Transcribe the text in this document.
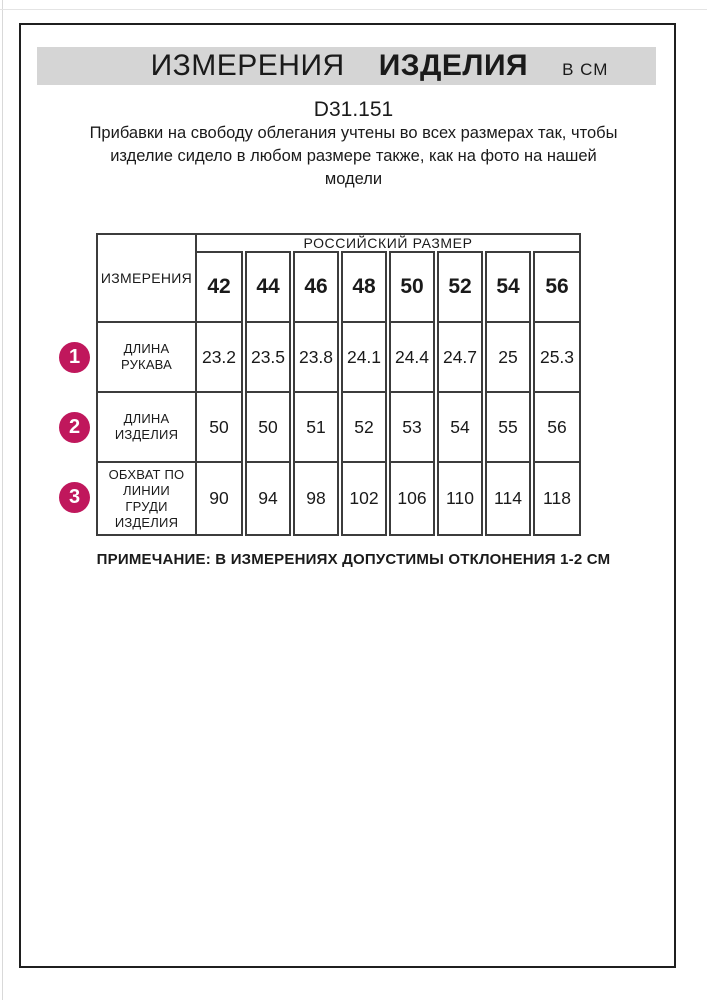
ИЗМЕРЕНИЯ ИЗДЕЛИЯ В СМ
D31.151
Прибавки на свободу облегания учтены во всех размерах так, чтобы изделие сидело в любом размере также, как на фото на нашей модели
ИЗМЕРЕНИЯ	РОССИЙСКИЙ РАЗМЕР							
	42	44	46	48	50	52	54	56
ДЛИНА РУКАВА	23.2	23.5	23.8	24.1	24.4	24.7	25	25.3
ДЛИНА ИЗДЕЛИЯ	50	50	51	52	53	54	55	56
ОБХВАТ ПО ЛИНИИ ГРУДИ ИЗДЕЛИЯ	90	94	98	102	106	110	114	118
1
2
3
ПРИМЕЧАНИЕ: В ИЗМЕРЕНИЯХ ДОПУСТИМЫ ОТКЛОНЕНИЯ 1-2 СМ
